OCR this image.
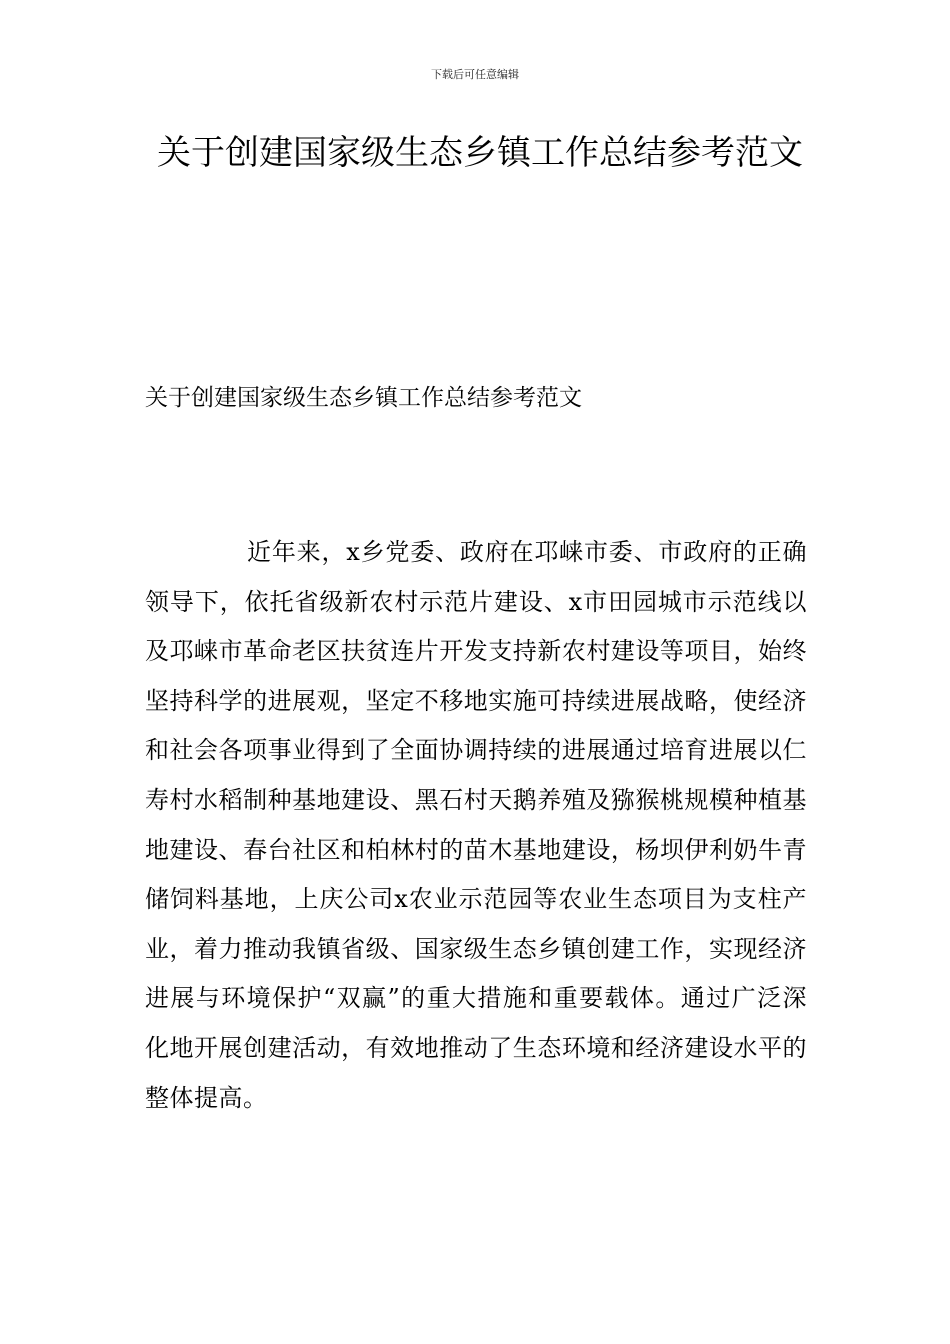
下载后可任意编辑
关于创建国家级生态乡镇工作总结参考范文

关于创建国家级生态乡镇工作总结参考范文

近年来，x乡党委、政府在邛崃市委、市政府的正确领导下，依托省级新农村示范片建设、x市田园城市示范线以及邛崃市革命老区扶贫连片开发支持新农村建设等项目，始终坚持科学的进展观，坚定不移地实施可持续进展战略，使经济和社会各项事业得到了全面协调持续的进展通过培育进展以仁寿村水稻制种基地建设、黑石村天鹅养殖及猕猴桃规模种植基地建设、春台社区和柏林村的苗木基地建设，杨坝伊利奶牛青储饲料基地，上庆公司x农业示范园等农业生态项目为支柱产业，着力推动我镇省级、国家级生态乡镇创建工作，实现经济进展与环境保护“双赢”的重大措施和重要载体。通过广泛深化地开展创建活动，有效地推动了生态环境和经济建设水平的整体提高。
